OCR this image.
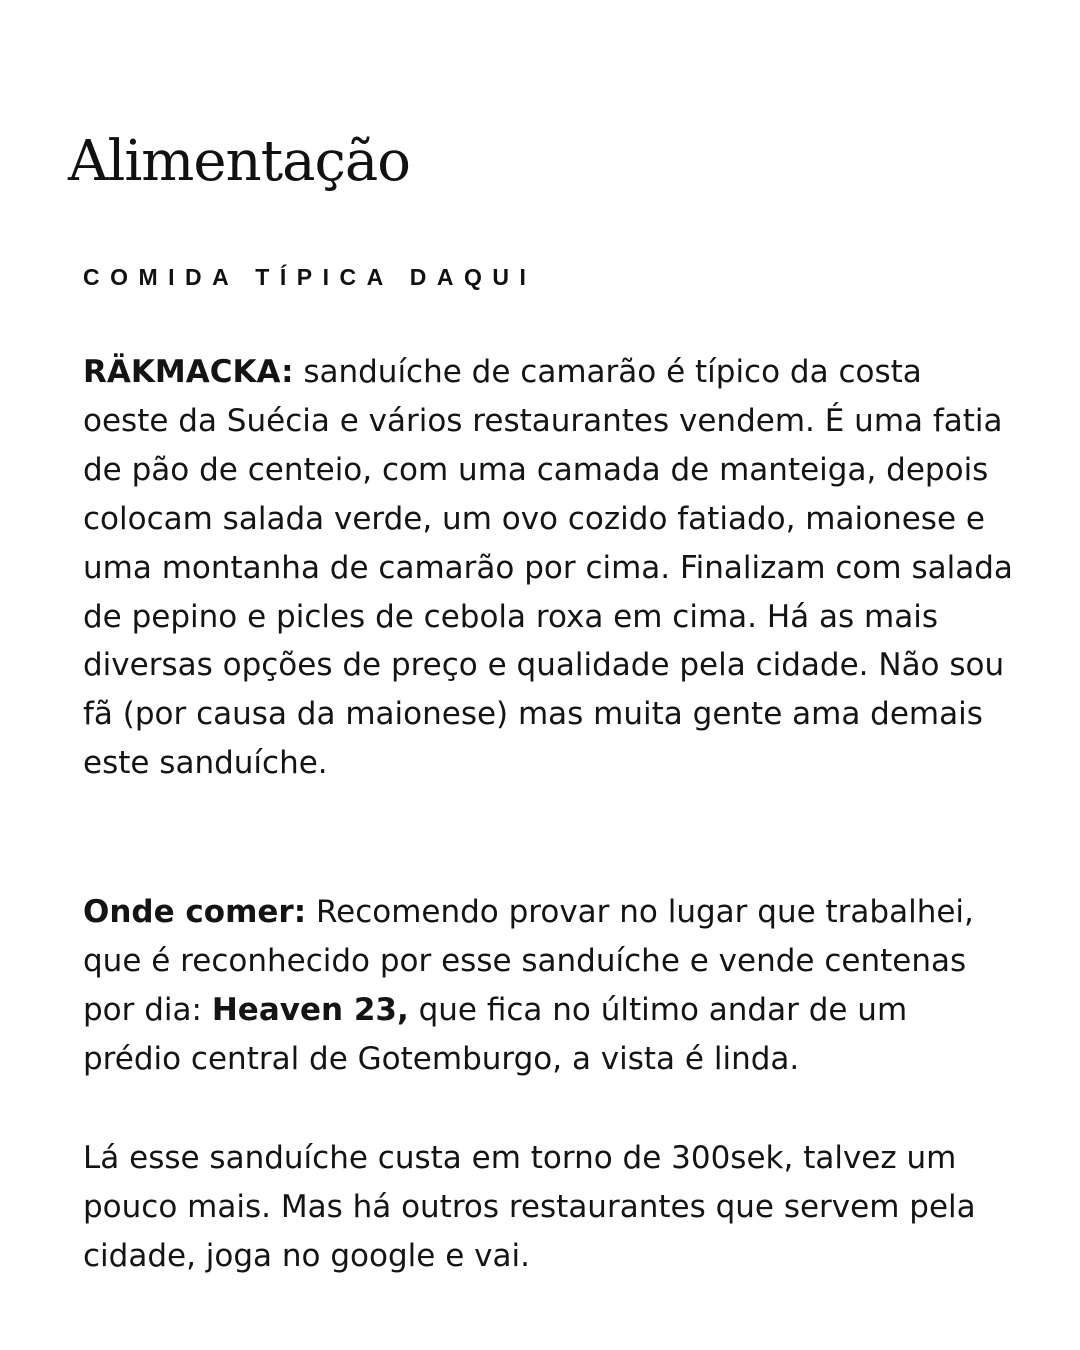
Alimentação
COMIDA TÍPICA DAQUI

RÄKMACKA: sanduíche de camarão é típico da costa oeste da Suécia e vários restaurantes vendem. É uma fatia de pão de centeio, com uma camada de manteiga, depois colocam salada verde, um ovo cozido fatiado, maionese e uma montanha de camarão por cima. Finalizam com salada de pepino e picles de cebola roxa em cima. Há as mais diversas opções de preço e qualidade pela cidade. Não sou fã (por causa da maionese) mas muita gente ama demais este sanduíche.

Onde comer: Recomendo provar no lugar que trabalhei, que é reconhecido por esse sanduíche e vende centenas por dia: Heaven 23, que fica no último andar de um prédio central de Gotemburgo, a vista é linda.

Lá esse sanduíche custa em torno de 300sek, talvez um pouco mais. Mas há outros restaurantes que servem pela cidade, joga no google e vai.
